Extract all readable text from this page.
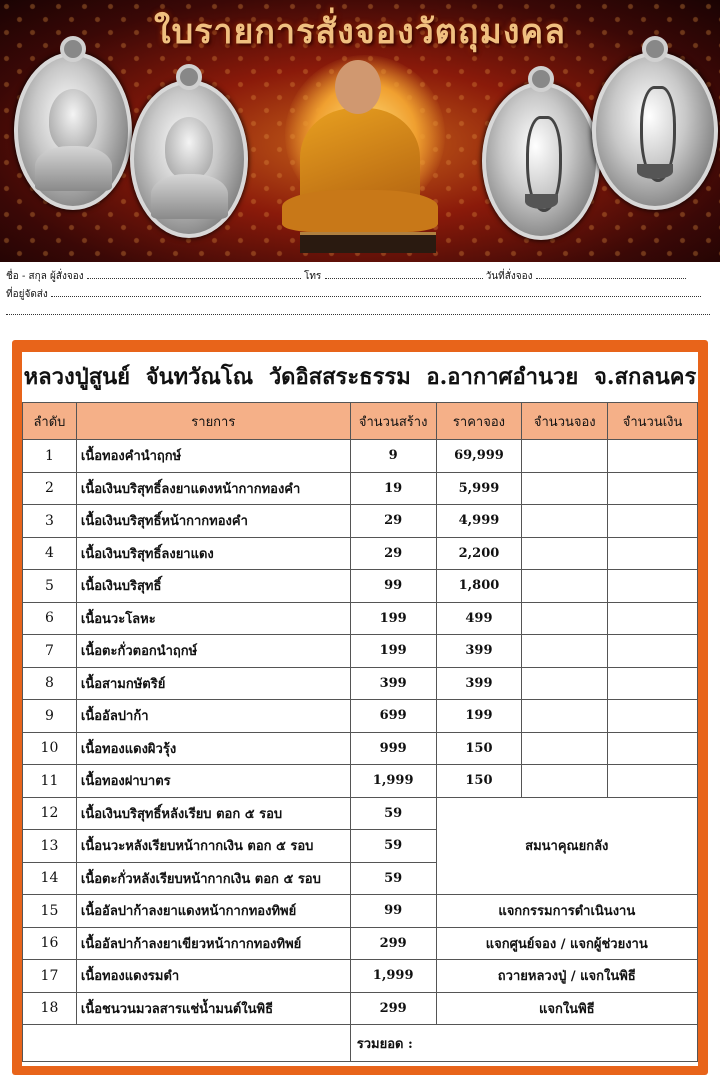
ใบรายการสั่งจองวัตถุมงคล
ชื่อ - สกุล ผู้สั่งจอง	โทร	วันที่สั่งจอง
ที่อยู่จัดส่ง
หลวงปู่สูนย์ จันทวัณโณ วัดอิสสระธรรม อ.อากาศอำนวย จ.สกลนคร
ลำดับ	รายการ	จำนวนสร้าง	ราคาจอง	จำนวนจอง	จำนวนเงิน
1	เนื้อทองคำนำฤกษ์	9	69,999		
2	เนื้อเงินบริสุทธิ์ลงยาแดงหน้ากากทองคำ	19	5,999		
3	เนื้อเงินบริสุทธิ์หน้ากากทองคำ	29	4,999		
4	เนื้อเงินบริสุทธิ์ลงยาแดง	29	2,200		
5	เนื้อเงินบริสุทธิ์	99	1,800		
6	เนื้อนวะโลหะ	199	499		
7	เนื้อตะกั่วตอกนำฤกษ์	199	399		
8	เนื้อสามกษัตริย์	399	399		
9	เนื้ออัลปาก้า	699	199		
10	เนื้อทองแดงผิวรุ้ง	999	150		
11	เนื้อทองฝาบาตร	1,999	150		
12	เนื้อเงินบริสุทธิ์หลังเรียบ ตอก ๕ รอบ	59	สมนาคุณยกลัง		
13	เนื้อนวะหลังเรียบหน้ากากเงิน ตอก ๕ รอบ	59			
14	เนื้อตะกั่วหลังเรียบหน้ากากเงิน ตอก ๕ รอบ	59			
15	เนื้ออัลปาก้าลงยาแดงหน้ากากทองทิพย์	99	แจกกรรมการดำเนินงาน		
16	เนื้ออัลปาก้าลงยาเขียวหน้ากากทองทิพย์	299	แจกศูนย์จอง / แจกผู้ช่วยงาน		
17	เนื้อทองแดงรมดำ	1,999	ถวายหลวงปู่ / แจกในพิธี		
18	เนื้อชนวนมวลสารแช่น้ำมนต์ในพิธี	299	แจกในพิธี		
		รวมยอด :			
